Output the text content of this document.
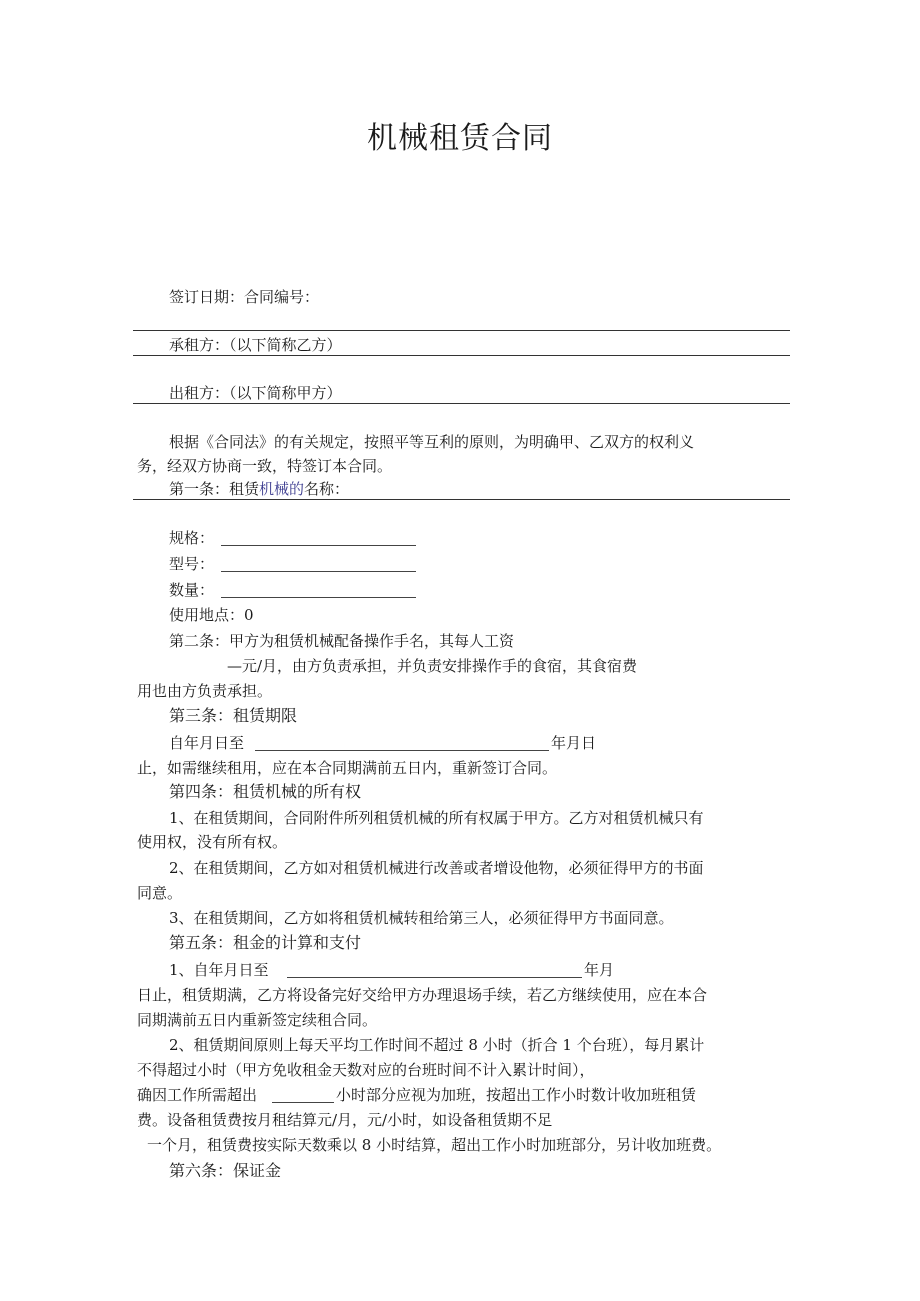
机械租赁合同
签订日期：合同编号：
承租方：（以下简称乙方）
出租方：（以下简称甲方）
根据《合同法》的有关规定，按照平等互利的原则，为明确甲、乙双方的权利义
务，经双方协商一致，特签订本合同。
第一条：租赁机械的名称：
规格：
型号：
数量：
使用地点：0
第二条：甲方为租赁机械配备操作手名，其每人工资
—元/月，由方负责承担，并负责安排操作手的食宿，其食宿费
用也由方负责承担。
第三条：租赁期限
自年月日至	年月日
止，如需继续租用，应在本合同期满前五日内，重新签订合同。
第四条：租赁机械的所有权
1、在租赁期间，合同附件所列租赁机械的所有权属于甲方。乙方对租赁机械只有
使用权，没有所有权。
2、在租赁期间，乙方如对租赁机械进行改善或者增设他物，必须征得甲方的书面
同意。
3、在租赁期间，乙方如将租赁机械转租给第三人，必须征得甲方书面同意。
第五条：租金的计算和支付
1、自年月日至	年月
日止，租赁期满，乙方将设备完好交给甲方办理退场手续，若乙方继续使用，应在本合
同期满前五日内重新签定续租合同。
2、租赁期间原则上每天平均工作时间不超过 8 小时（折合 1 个台班），每月累计
不得超过小时（甲方免收租金天数对应的台班时间不计入累计时间），
确因工作所需超出	小时部分应视为加班，按超出工作小时数计收加班租赁
费。设备租赁费按月租结算元/月，元/小时，如设备租赁期不足
一个月，租赁费按实际天数乘以 8 小时结算，超出工作小时加班部分，另计收加班费。
第六条：保证金
